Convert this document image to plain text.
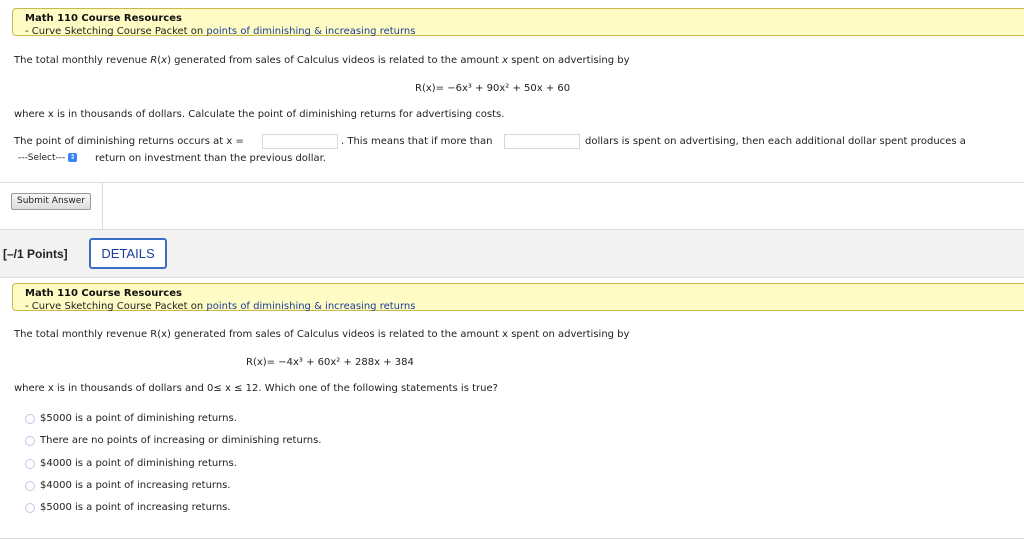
Math 110 Course Resources
- Curve Sketching Course Packet on points of diminishing & increasing returns
The total monthly revenue R(x) generated from sales of Calculus videos is related to the amount x spent on advertising by
R(x)= −6x³ + 90x² + 50x + 60
where x is in thousands of dollars. Calculate the point of diminishing returns for advertising costs.
The point of diminishing returns occurs at x =	. This means that if more than	dollars is spent on advertising, then each additional dollar spent produces a
---Select--- ⇕ return on investment than the previous dollar.
Submit Answer
[–/1 Points]	DETAILS
Math 110 Course Resources
- Curve Sketching Course Packet on points of diminishing & increasing returns
The total monthly revenue R(x) generated from sales of Calculus videos is related to the amount x spent on advertising by
R(x)= −4x³ + 60x² + 288x + 384
where x is in thousands of dollars and 0≤ x ≤ 12. Which one of the following statements is true?
$5000 is a point of diminishing returns.
There are no points of increasing or diminishing returns.
$4000 is a point of diminishing returns.
$4000 is a point of increasing returns.
$5000 is a point of increasing returns.
